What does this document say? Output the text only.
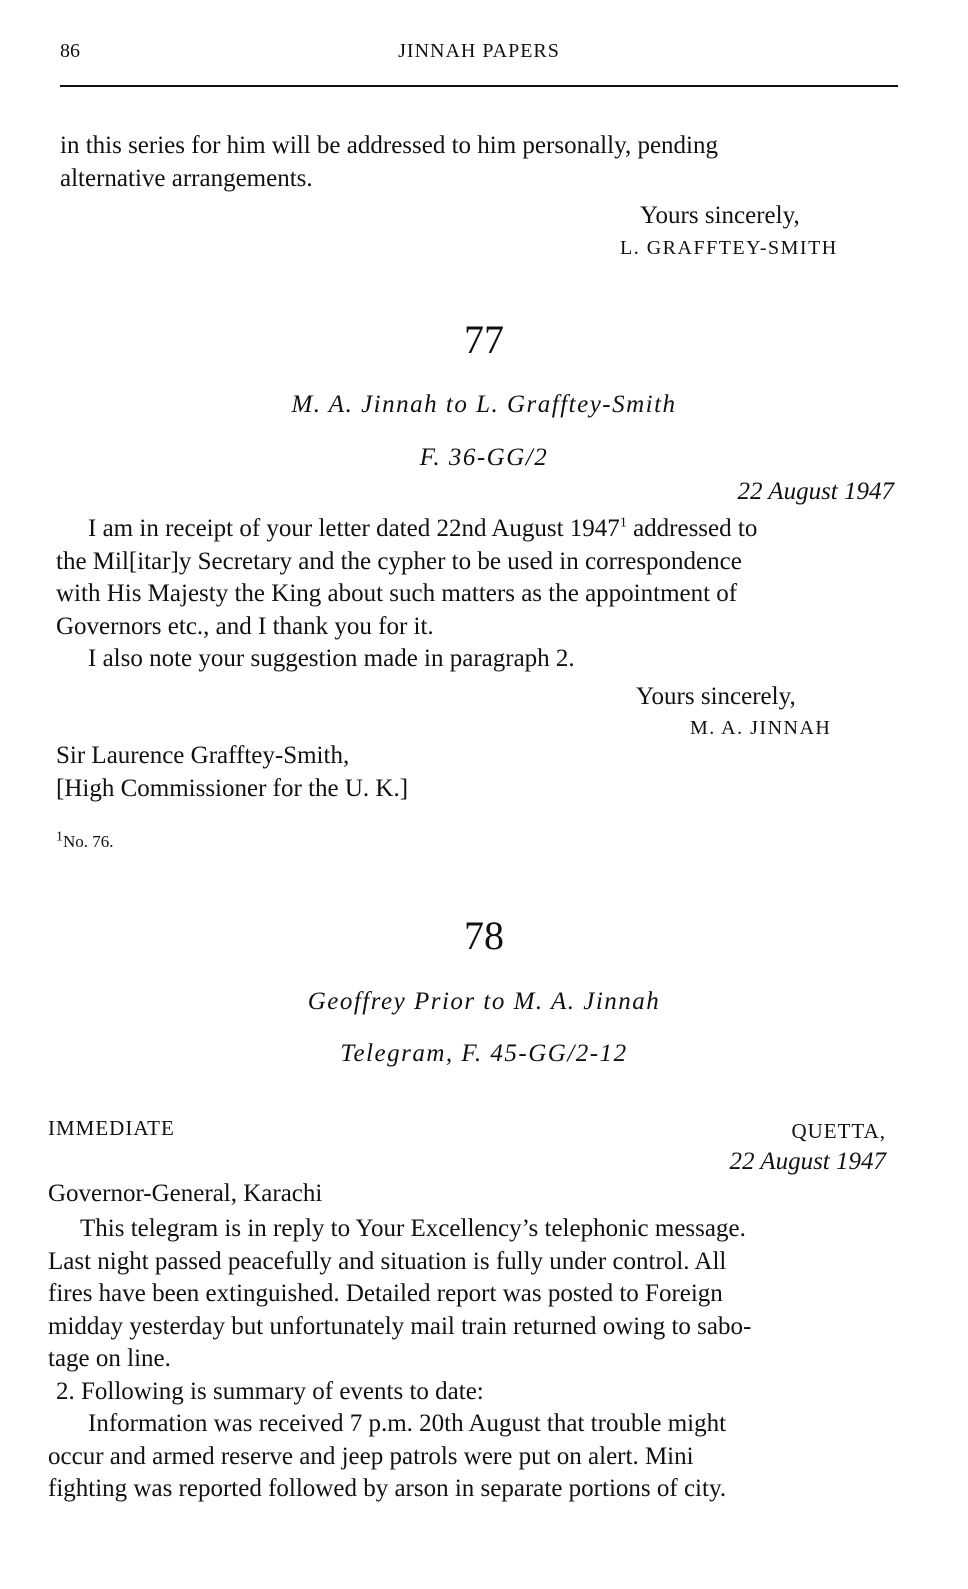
86	JINNAH PAPERS
in this series for him will be addressed to him personally, pending
alternative arrangements.
Yours sincerely,
L. GRAFFTEY-SMITH
77
M. A. Jinnah to L. Grafftey-Smith
F. 36-GG/2
22 August 1947
I am in receipt of your letter dated 22nd August 1947$^1$ addressed to
the Mil[itar]y Secretary and the cypher to be used in correspondence
with His Majesty the King about such matters as the appointment of
Governors etc., and I thank you for it.
I also note your suggestion made in paragraph 2.
Yours sincerely,
M. A. JINNAH
Sir Laurence Grafftey-Smith,
[High Commissioner for the U. K.]
$^1$No. 76.
78
Geoffrey Prior to M. A. Jinnah
Telegram, F. 45-GG/2-12
IMMEDIATE	QUETTA,
22 August 1947
Governor-General, Karachi
This telegram is in reply to Your Excellency’s telephonic message.
Last night passed peacefully and situation is fully under control. All
fires have been extinguished. Detailed report was posted to Foreign
midday yesterday but unfortunately mail train returned owing to sabo-
tage on line.
2. Following is summary of events to date:
Information was received 7 p.m. 20th August that trouble might
occur and armed reserve and jeep patrols were put on alert. Mini
fighting was reported followed by arson in separate portions of city.
